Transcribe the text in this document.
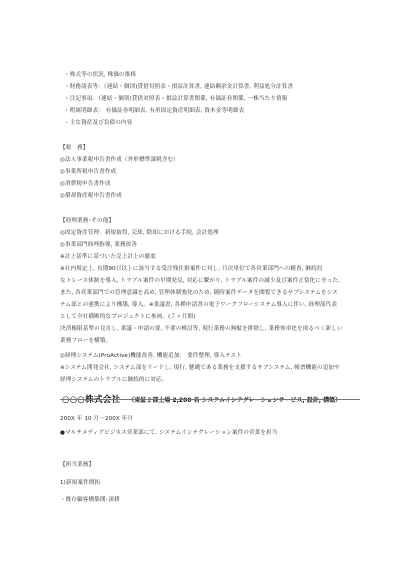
・株式等の状況, 株価の推移
・財務諸表等：（連結・個別)貸借対照表・損益計算書, 連結剰余金計算書, 利益処分計算書
・注記事項：（連結・個別)貸借対照表・損益計算書関係, 有価証券関係, 一株当たり情報
・附属明細表： 有価証券明細表, 有形固定資産明細表, 資本金等明細表
・主な資産及び負債の内容
【税　務】
◎法人事業税申告書作成（外形標準課税含む）
◎事業所税申告書作成
◎消費税申告書作成
◎償却資産税申告書作成
【経理業務･その他】
◎固定資産管理：新規取得, 売却, 除却における手続, 会計処理
◎事業部門経理指導, 業務改善
※計上基準に基づいた売上計上の徹底
※社内規定上, 長期90日以上に該当する受注残仕掛案件に対し, 月次単位で各営業部門への精査, 継続約
なトレース体制を導入, トラブル案件の早期発見, 対応に繋がり, トラブル案件の減少及び案件正常化に至った。
また, 各営業部門での管理意識を高め, 管理体制強化のため, 随時案件データを閲覧できるサブシステムをシス
テム部との連携により構築, 導入。※業議書, 各種申請書の電子ワークフローシステム導入に伴い, 経理部代表
として全社横断的なプロジェクトに参画。(７ヶ月間)
決済権限基準の見直し, 業議・申請の要, 不要の検討等, 現行業務の無駄を排除し, 業務効率化を図るべく新しい
業務フローを構築。
◎経理システム(ProActive)機能改善, 機能追加： 要件整理, 導入テスト
※システム開発会社, システム部をリードし, 現行, 懸縄である業務を支援するサブシステム, 帳票機能の追加や
経理システムのトラブルに継続的に対応。
○○○株式会社 （東証２部上場 2,200 名 システムインテグレーションサービス, 設計, 構築）
200X 年 10 月～200X 年月
●マルチメディアビジネス営業部にて, システムインテグレーション案件の営業を担当
【担当業務】
1)新規案件開拓
・既存顧客構築開･深耕
